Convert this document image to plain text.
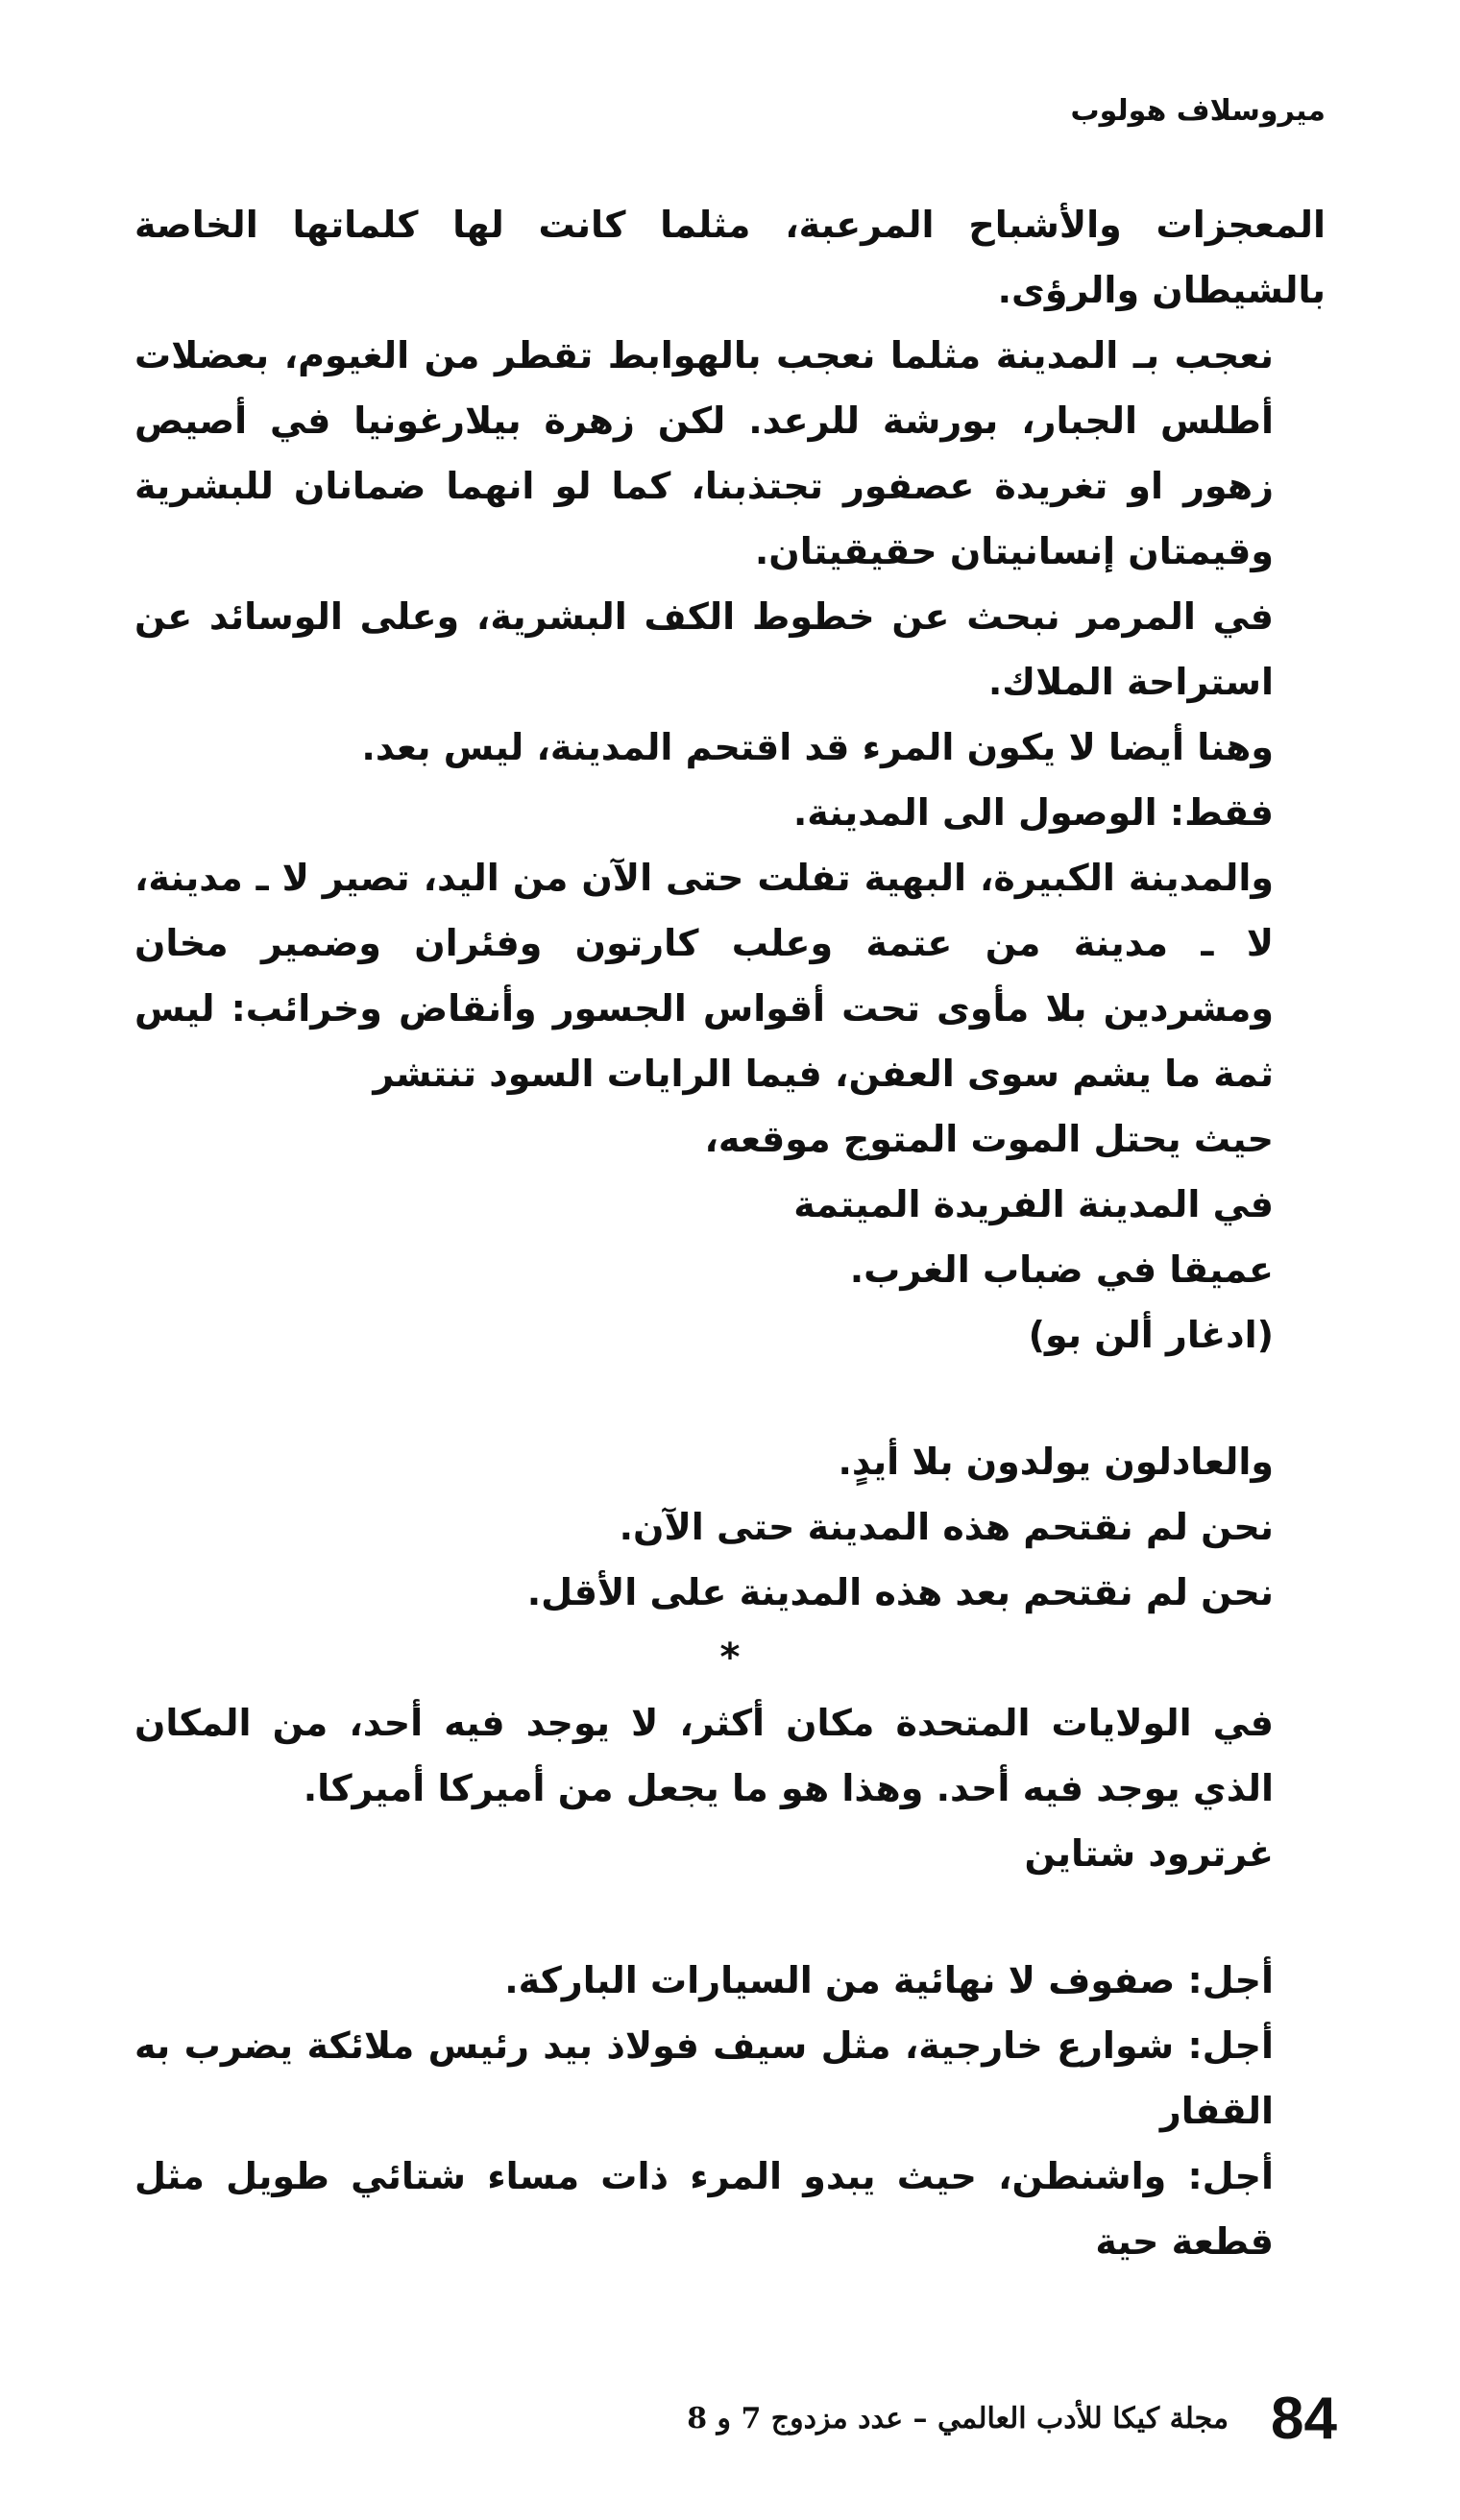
ميروسلاف هولوب

المعجزات والأشباح المرعبة، مثلما كانت لها كلماتها الخاصة بالشيطان والرؤى.

نعجب بـ المدينة مثلما نعجب بالهوابط تقطر من الغيوم، بعضلات أطلس الجبار، بورشة للرعد. لكن زهرة بيلارغونيا في أصيص زهور او تغريدة عصفور تجتذبنا، كما لو انهما ضمانان للبشرية وقيمتان إنسانيتان حقيقيتان.

في المرمر نبحث عن خطوط الكف البشرية، وعلى الوسائد عن استراحة الملاك.

وهنا أيضا لا يكون المرء قد اقتحم المدينة، ليس بعد.

فقط: الوصول الى المدينة.

والمدينة الكبيرة، البهية تفلت حتى الآن من اليد، تصير لا ـ مدينة، لا ـ مدينة من عتمة وعلب كارتون وفئران وضمير مخان ومشردين بلا مأوى تحت أقواس الجسور وأنقاض وخرائب: ليس ثمة ما يشم سوى العفن، فيما الرايات السود تنتشر

حيث يحتل الموت المتوج موقعه،
في المدينة الفريدة الميتمة
عميقا في ضباب الغرب.
(ادغار ألن بو)
والعادلون يولدون بلا أيدٍ.
نحن لم نقتحم هذه المدينة حتى الآن.
نحن لم نقتحم بعد هذه المدينة على الأقل.

*

في الولايات المتحدة مكان أكثر، لا يوجد فيه أحد، من المكان الذي يوجد فيه أحد. وهذا هو ما يجعل من أميركا أميركا.

غرترود شتاين

أجل: صفوف لا نهائية من السيارات الباركة.

أجل: شوارع خارجية، مثل سيف فولاذ بيد رئيس ملائكة يضرب به القفار

أجل: واشنطن، حيث يبدو المرء ذات مساء شتائي طويل مثل قطعة حية

84
مجلة كيكا للأدب العالمي – عدد مزدوج 7 و 8
